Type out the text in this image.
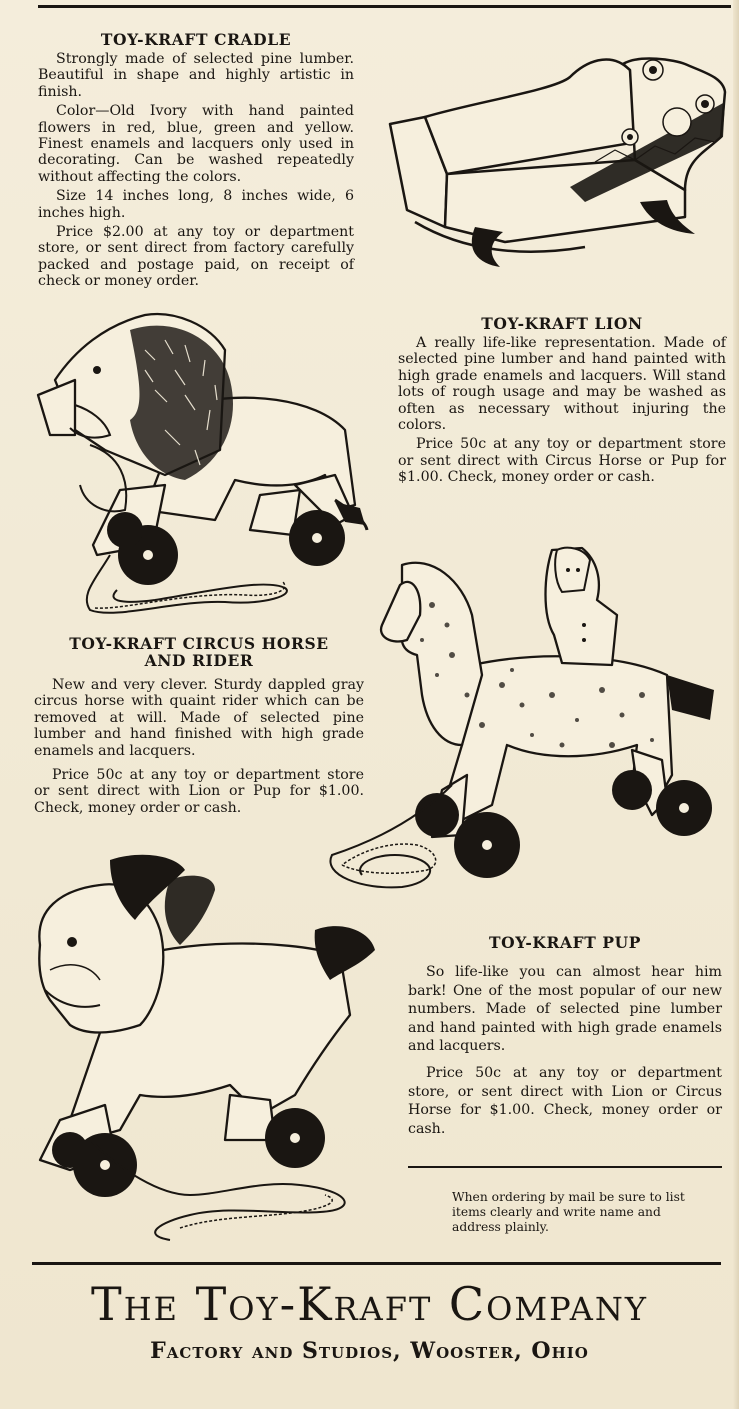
TOY-KRAFT CRADLE

Strongly made of selected pine lumber. Beautiful in shape and highly artistic in finish.

Color—Old Ivory with hand painted flowers in red, blue, green and yellow. Finest enamels and lacquers only used in decorating. Can be washed repeatedly without affecting the colors.

Size 14 inches long, 8 inches wide, 6 inches high.

Price $2.00 at any toy or department store, or sent direct from factory carefully packed and postage paid, on receipt of check or money order.

TOY-KRAFT LION

A really life-like representation. Made of selected pine lumber and hand painted with high grade enamels and lacquers. Will stand lots of rough usage and may be washed as often as necessary without injuring the colors.

Price 50c at any toy or department store or sent direct with Circus Horse or Pup for $1.00. Check, money order or cash.

TOY-KRAFT CIRCUS HORSE
AND RIDER

New and very clever. Sturdy dappled gray circus horse with quaint rider which can be removed at will. Made of selected pine lumber and hand finished with high grade enamels and lacquers.

Price 50c at any toy or department store or sent direct with Lion or Pup for $1.00. Check, money order or cash.

TOY-KRAFT PUP

So life-like you can almost hear him bark! One of the most popular of our new numbers. Made of selected pine lumber and hand painted with high grade enamels and lacquers.

Price 50c at any toy or department store, or sent direct with Lion or Circus Horse for $1.00. Check, money order or cash.

When ordering by mail be sure to list items clearly and write name and address plainly.
The Toy-Kraft Company
Factory and Studios, Wooster, Ohio
